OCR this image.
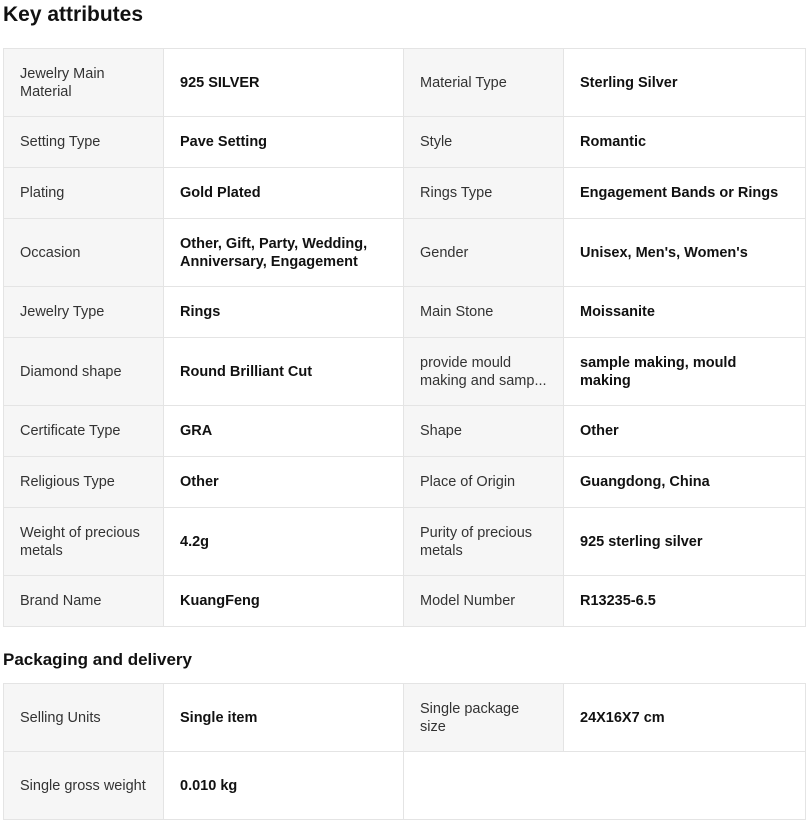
Key attributes
Jewelry Main Material	925 SILVER	Material Type	Sterling Silver
Setting Type	Pave Setting	Style	Romantic
Plating	Gold Plated	Rings Type	Engagement Bands or Rings
Occasion	Other, Gift, Party, Wedding, Anniversary, Engagement	Gender	Unisex, Men's, Women's
Jewelry Type	Rings	Main Stone	Moissanite
Diamond shape	Round Brilliant Cut	provide mould making and samp...	sample making, mould making
Certificate Type	GRA	Shape	Other
Religious Type	Other	Place of Origin	Guangdong, China
Weight of precious metals	4.2g	Purity of precious metals	925 sterling silver
Brand Name	KuangFeng	Model Number	R13235-6.5
Packaging and delivery
Selling Units	Single item	Single package size	24X16X7 cm
Single gross weight	0.010 kg		
